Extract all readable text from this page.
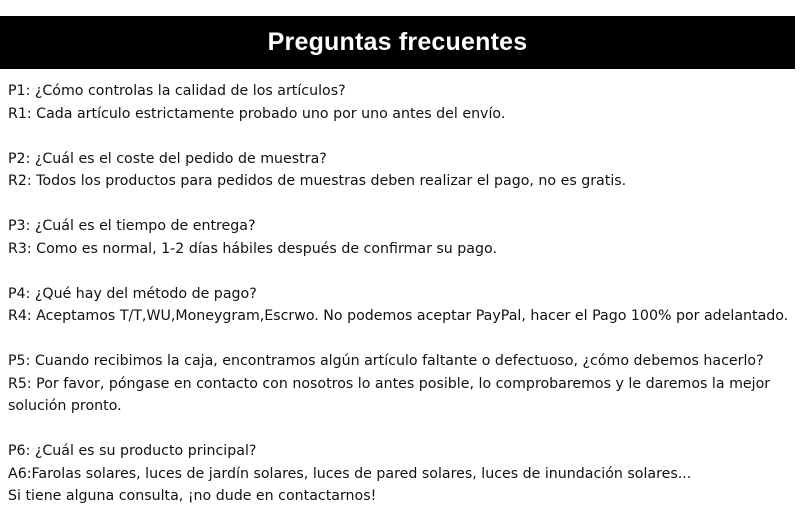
Preguntas frecuentes
P1: ¿Cómo controlas la calidad de los artículos?
R1: Cada artículo estrictamente probado uno por uno antes del envío.
P2: ¿Cuál es el coste del pedido de muestra?
R2: Todos los productos para pedidos de muestras deben realizar el pago, no es gratis.
P3: ¿Cuál es el tiempo de entrega?
R3: Como es normal, 1-2 días hábiles después de confirmar su pago.
P4: ¿Qué hay del método de pago?
R4: Aceptamos T/T,WU,Moneygram,Escrwo. No podemos aceptar PayPal, hacer el Pago 100% por adelantado.
P5: Cuando recibimos la caja, encontramos algún artículo faltante o defectuoso, ¿cómo debemos hacerlo?
R5: Por favor, póngase en contacto con nosotros lo antes posible, lo comprobaremos y le daremos la mejor
solución pronto.
P6: ¿Cuál es su producto principal?
A6:Farolas solares, luces de jardín solares, luces de pared solares, luces de inundación solares...
Si tiene alguna consulta, ¡no dude en contactarnos!
